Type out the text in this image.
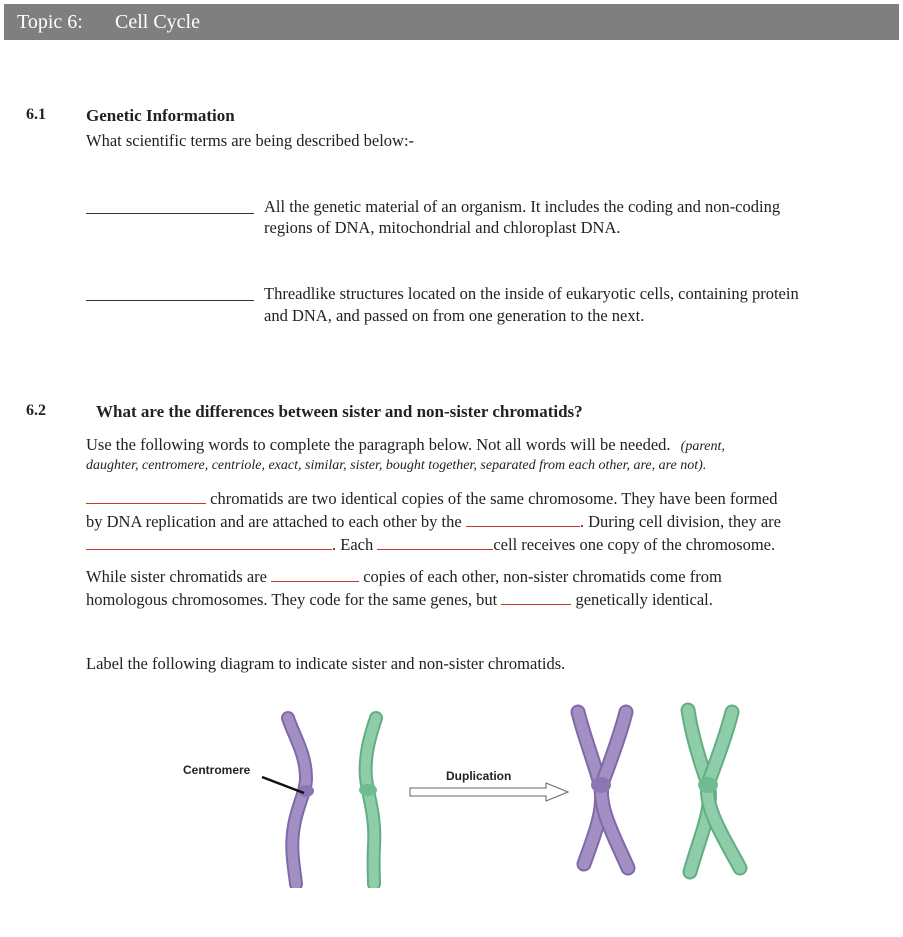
Topic 6: Cell Cycle
6.1 Genetic Information
What scientific terms are being described below:-
All the genetic material of an organism. It includes the coding and non-coding
regions of DNA, mitochondrial and chloroplast DNA.
Threadlike structures located on the inside of eukaryotic cells, containing protein
and DNA, and passed on from one generation to the next.
6.2	What are the differences between sister and non-sister chromatids?
Use the following words to complete the paragraph below. Not all words will be needed. (parent,
daughter, centromere, centriole, exact, similar, sister, bought together, separated from each other, are, are not).
chromatids are two identical copies of the same chromosome. They have been formed
by DNA replication and are attached to each other by the	. During cell division, they are
. Each	cell receives one copy of the chromosome.
While sister chromatids are	copies of each other, non-sister chromatids come from
homologous chromosomes. They code for the same genes, but	genetically identical.
Label the following diagram to indicate sister and non-sister chromatids.
Centromere	Duplication
